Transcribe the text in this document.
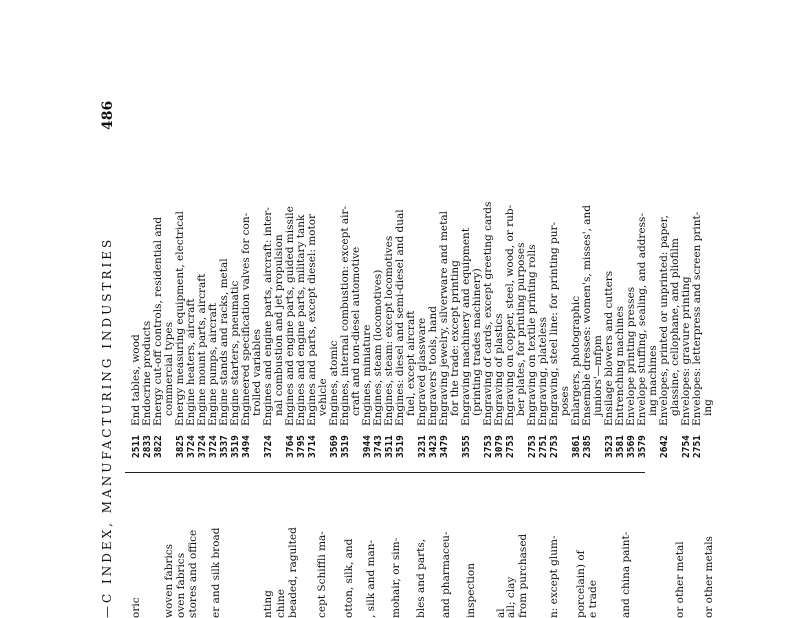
—C INDEX, MANUFACTURING INDUSTRIES
486
oric woven fabrics oven fabrics stores and office er and silk broad	nting chine beaded, ragulted cept Schiffli ma- otton, silk, and , silk and man- mohair, or sim- bles and parts, and pharmaceu- inspection al
all; clay from purchased n: except glum- porcelain) of e trade and china paint-	or other metal or other metals
2511End tables, wood
2833Endocrine products
3822Energy cut-off controls, residential and commercial types
3825Energy measuring equipment, electrical
3724Engine heaters, aircraft
3724Engine mount parts, aircraft
3724Engine pumps, aircraft
3537Engine stands and racks, metal
3519Engine starters, pneumatic
3494Engineered specification valves for con- trolled variables
3724Engines and engine parts, aircraft: inter- nal combustion and jet propulsion
3764Engines and engine parts, guided missile
3795Engines and engine parts, military tank
3714Engines and parts, except diesel: motor vehicle
3569Engines, atomic
3519Engines, internal combustion: except air- craft and non-diesel automotive
3944Engines, miniature
3743Engines, steam (locomotives)
3511Engines, steam: except locomotives
3519Engines: diesel and semi-diesel and dual fuel, except aircraft
3231Engraved glassware
3423Engravers' tools, hand
3479Engraving jewelry, silverware and metal for the trade: except printing
3555Engraving machinery and equipment (printing trades machinery)
2753Engraving of cards, except greeting cards
3079Engraving of plastics
2753Engraving on copper, steel, wood, or rub- ber plates, for printing purposes
2753Engraving on textile printing rolls
2751Engraving, plateless
2753Engraving, steel line: for printing pur- poses
3861Enlargers, photographic
2385Ensemble dresses: women's, misses', and juniors'—mfpm
3523Ensilage blowers and cutters
3581Entrenching machines
3569Envelope printing presses
3579Envelope stuffing, sealing, and address- ing machines
2642Envelopes, printed or unprinted: paper, glassine, cellophane, and pliofilm
2754Envelopes: gravure printing
2751Envelopes: letterpress and screen print- ing
